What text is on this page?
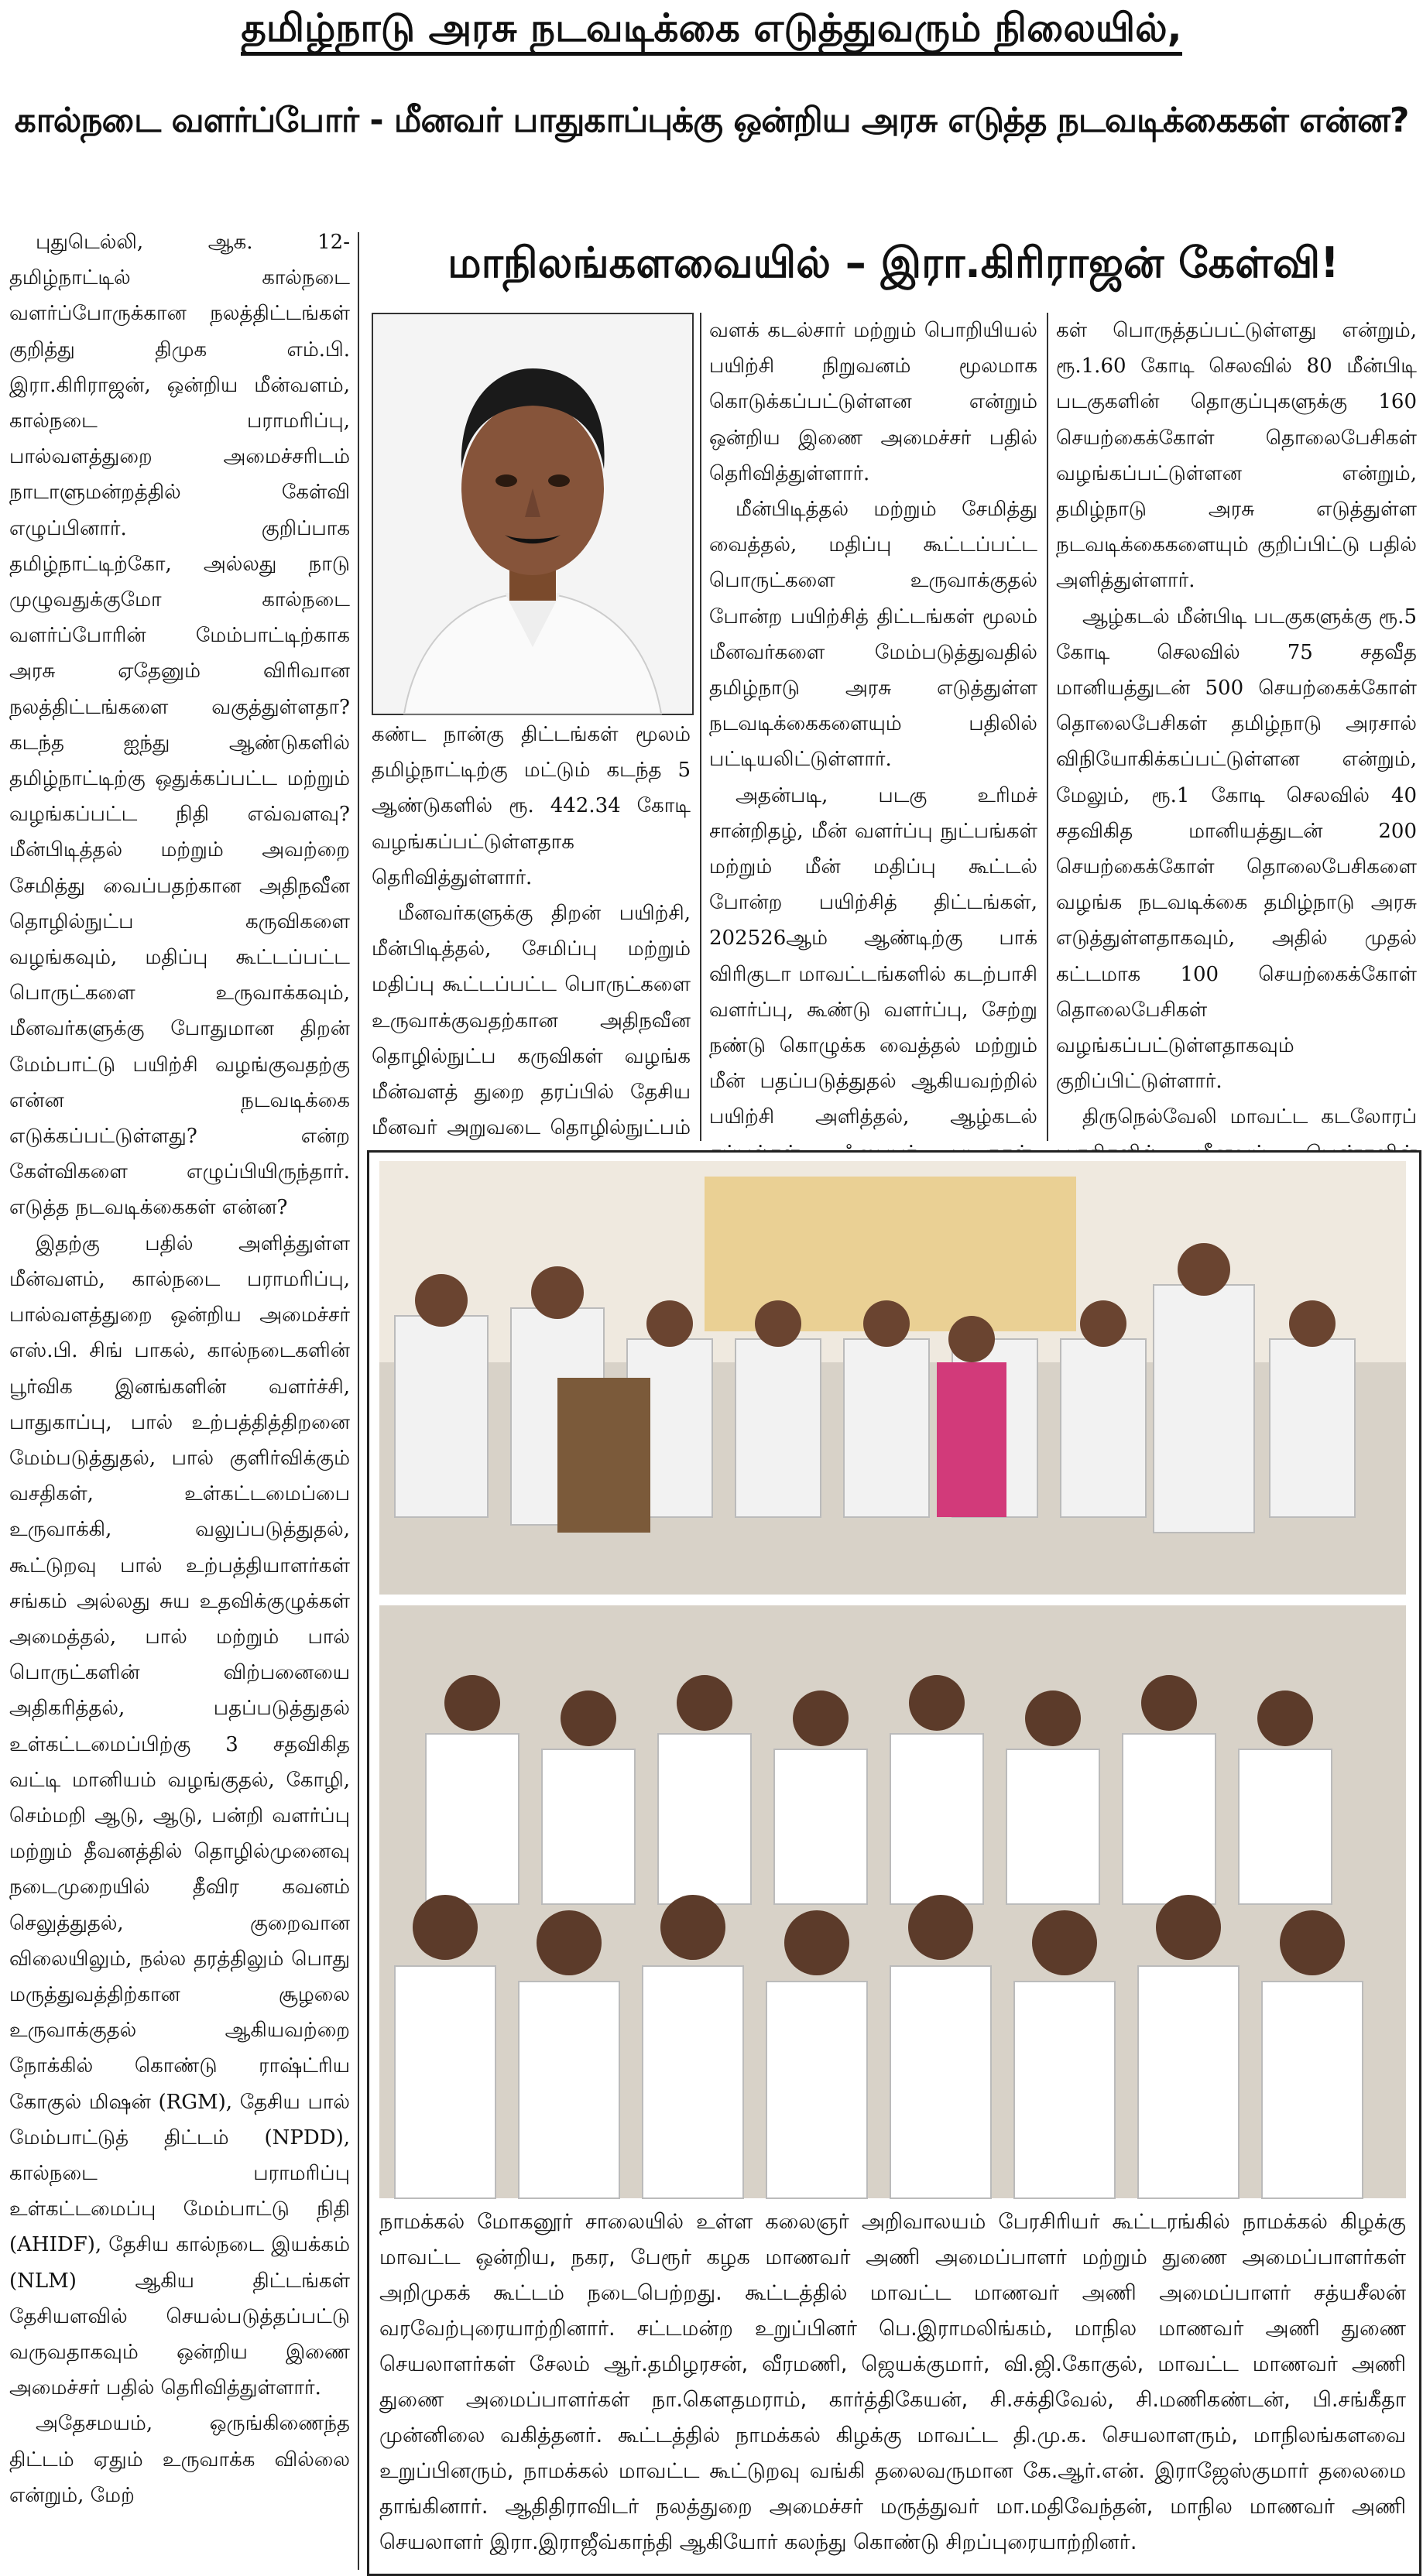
தமிழ்நாடு அரசு நடவடிக்கை எடுத்துவரும் நிலையில்,
கால்நடை வளர்ப்போர் - மீனவர் பாதுகாப்புக்கு ஒன்றிய அரசு எடுத்த நடவடிக்கைகள் என்ன?
மாநிலங்களவையில் – இரா.கிரிராஜன் கேள்வி!

புதுடெல்லி, ஆக. 12- தமிழ்நாட்டில் கால்நடை வளர்ப்போருக்கான நலத்திட்டங்கள் குறித்து திமுக எம்.பி. இரா.கிரிராஜன், ஒன்றிய மீன்வளம், கால்நடை பராமரிப்பு, பால்வளத்துறை அமைச்சரிடம் நாடாளுமன்றத்தில் கேள்வி எழுப்பினார். குறிப்பாக தமிழ்நாட்டிற்கோ, அல்லது நாடு முழுவதுக்குமோ கால்நடை வளர்ப்போரின் மேம்பாட்டிற்காக அரசு ஏதேனும் விரிவான நலத்திட்டங்களை வகுத்துள்ளதா? கடந்த ஐந்து ஆண்டுகளில் தமிழ்நாட்டிற்கு ஒதுக்கப்பட்ட மற்றும் வழங்கப்பட்ட நிதி எவ்வளவு?மீன்பிடித்தல் மற்றும் அவற்றை சேமித்து வைப்பதற்கான அதிநவீன தொழில்நுட்ப கருவிகளை வழங்கவும், மதிப்பு கூட்டப்பட்ட பொருட்களை உருவாக்கவும், மீனவர்களுக்கு போதுமான திறன் மேம்பாட்டு பயிற்சி வழங்குவதற்கு என்ன நடவடிக்கை எடுக்கப்பட்டுள்ளது? என்ற கேள்விகளை எழுப்பியிருந்தார். எடுத்த நடவடிக்கைகள் என்ன?

இதற்கு பதில் அளித்துள்ள மீன்வளம், கால்நடை பராமரிப்பு, பால்வளத்துறை ஒன்றிய அமைச்சர் எஸ்.பி. சிங் பாகல், கால்நடைகளின் பூர்விக இனங்களின் வளர்ச்சி, பாதுகாப்பு, பால் உற்பத்தித்திறனை மேம்படுத்துதல், பால் குளிர்விக்கும் வசதிகள், உள்கட்டமைப்பை உருவாக்கி, வலுப்படுத்துதல், கூட்டுறவு பால் உற்பத்தியாளர்கள் சங்கம் அல்லது சுய உதவிக்குழுக்கள் அமைத்தல், பால் மற்றும் பால் பொருட்களின் விற்பனையை அதிகரித்தல், பதப்படுத்துதல் உள்கட்டமைப்பிற்கு 3 சதவிகித வட்டி மானியம் வழங்குதல், கோழி, செம்மறி ஆடு, ஆடு, பன்றி வளர்ப்பு மற்றும் தீவனத்தில் தொழில்முனைவு நடைமுறையில் தீவிர கவனம் செலுத்துதல், குறைவான விலையிலும், நல்ல தரத்திலும் பொது மருத்துவத்திற்கான சூழலை உருவாக்குதல் ஆகியவற்றை நோக்கில் கொண்டு ராஷ்ட்ரிய கோகுல் மிஷன் (RGM), தேசிய பால் மேம்பாட்டுத் திட்டம் (NPDD), கால்நடை பராமரிப்பு உள்கட்டமைப்பு மேம்பாட்டு நிதி (AHIDF), தேசிய கால்நடை இயக்கம் (NLM) ஆகிய திட்டங்கள் தேசியளவில் செயல்படுத்தப்பட்டு வருவதாகவும் ஒன்றிய இணை அமைச்சர் பதில் தெரிவித்துள்ளார்.

அதேசமயம், ஒருங்கிணைந்த திட்டம் ஏதும் உருவாக்க வில்லை என்றும், மேற்

கண்ட நான்கு திட்டங்கள் மூலம் தமிழ்நாட்டிற்கு மட்டும் கடந்த 5 ஆண்டுகளில் ரூ. 442.34 கோடி வழங்கப்பட்டுள்ளதாக தெரிவித்துள்ளார்.

மீனவர்களுக்கு திறன் பயிற்சி, மீன்பிடித்தல், சேமிப்பு மற்றும் மதிப்பு கூட்டப்பட்ட பொருட்களை உருவாக்குவதற்கான அதிநவீன தொழில்நுட்ப கருவிகள் வழங்க மீன்வளத் துறை தரப்பில் தேசிய மீனவர் அறுவடை தொழில்நுட்பம்

வளக் கடல்சார் மற்றும் பொறியியல் பயிற்சி நிறுவனம் மூலமாக கொடுக்கப்பட்டுள்ளன என்றும் ஒன்றிய இணை அமைச்சர் பதில் தெரிவித்துள்ளார்.

மீன்பிடித்தல் மற்றும் சேமித்து வைத்தல், மதிப்பு கூட்டப்பட்ட பொருட்களை உருவாக்குதல் போன்ற பயிற்சித் திட்டங்கள் மூலம் மீனவர்களை மேம்படுத்துவதில் தமிழ்நாடு அரசு எடுத்துள்ள நடவடிக்கைகளையும் பதிலில் பட்டியலிட்டுள்ளார்.

அதன்படி, படகு உரிமச் சான்றிதழ், மீன் வளர்ப்பு நுட்பங்கள் மற்றும் மீன் மதிப்பு கூட்டல் போன்ற பயிற்சித் திட்டங்கள், 202526ஆம் ஆண்டிற்கு பாக் விரிகுடா மாவட்டங்களில் கடற்பாசி வளர்ப்பு, கூண்டு வளர்ப்பு, சேற்று நண்டு கொழுக்க வைத்தல் மற்றும் மீன் பதப்படுத்துதல் ஆகியவற்றில் பயிற்சி அளித்தல், ஆழ்கடல்

கள் பொருத்தப்பட்டுள்ளது என்றும், ரூ.1.60 கோடி செலவில் 80 மீன்பிடி படகுகளின் தொகுப்புகளுக்கு 160 செயற்கைக்கோள் தொலைபேசிகள் வழங்கப்பட்டுள்ளன என்றும், தமிழ்நாடு அரசு எடுத்துள்ள நடவடிக்கைகளையும் குறிப்பிட்டு பதில் அளித்துள்ளார்.

ஆழ்கடல் மீன்பிடி படகுகளுக்கு ரூ.5 கோடி செலவில் 75 சதவீத மானியத்துடன் 500 செயற்கைக்கோள் தொலைபேசிகள் தமிழ்நாடு அரசால் விநியோகிக்கப்பட்டுள்ளன என்றும், மேலும், ரூ.1 கோடி செலவில் 40 சதவிகித மானியத்துடன் 200 செயற்கைக்கோள் தொலைபேசிகளை வழங்க நடவடிக்கை தமிழ்நாடு அரசு எடுத்துள்ளதாகவும், அதில் முதல் கட்டமாக 100 செயற்கைக்கோள் தொலைபேசிகள் வழங்கப்பட்டுள்ளதாகவும் குறிப்பிட்டுள்ளார்.

திருநெல்வேலி மாவட்ட கடலோரப்

நாமக்கல் மோகனூர் சாலையில் உள்ள கலைஞர் அறிவாலயம் பேரசிரியர் கூட்டரங்கில் நாமக்கல் கிழக்கு மாவட்ட ஒன்றிய, நகர, பேரூர் கழக மாணவர் அணி அமைப்பாளர் மற்றும் துணை அமைப்பாளர்கள் அறிமுகக் கூட்டம் நடைபெற்றது. கூட்டத்தில் மாவட்ட மாணவர் அணி அமைப்பாளர் சத்யசீலன் வரவேற்புரையாற்றினார். சட்டமன்ற உறுப்பினர் பெ.இராமலிங்கம், மாநில மாணவர் அணி துணை செயலாளர்கள் சேலம் ஆர்.தமிழரசன், வீரமணி, ஜெயக்குமார், வி.ஜி.கோகுல், மாவட்ட மாணவர் அணி துணை அமைப்பாளர்கள் நா.கௌதமராம், கார்த்திகேயன், சி.சக்திவேல், சி.மணிகண்டன், பி.சங்கீதா முன்னிலை வகித்தனர். கூட்டத்தில் நாமக்கல் கிழக்கு மாவட்ட தி.மு.க. செயலாளரும், மாநிலங்களவை உறுப்பினரும், நாமக்கல் மாவட்ட கூட்டுறவு வங்கி தலைவருமான கே.ஆர்.என். இராஜேஸ்குமார் தலைமை தாங்கினார். ஆதிதிராவிடர் நலத்துறை அமைச்சர் மருத்துவர் மா.மதிவேந்தன், மாநில மாணவர் அணி செயலாளர் இரா.இராஜீவ்காந்தி ஆகியோர் கலந்து கொண்டு சிறப்புரையாற்றினர்.
